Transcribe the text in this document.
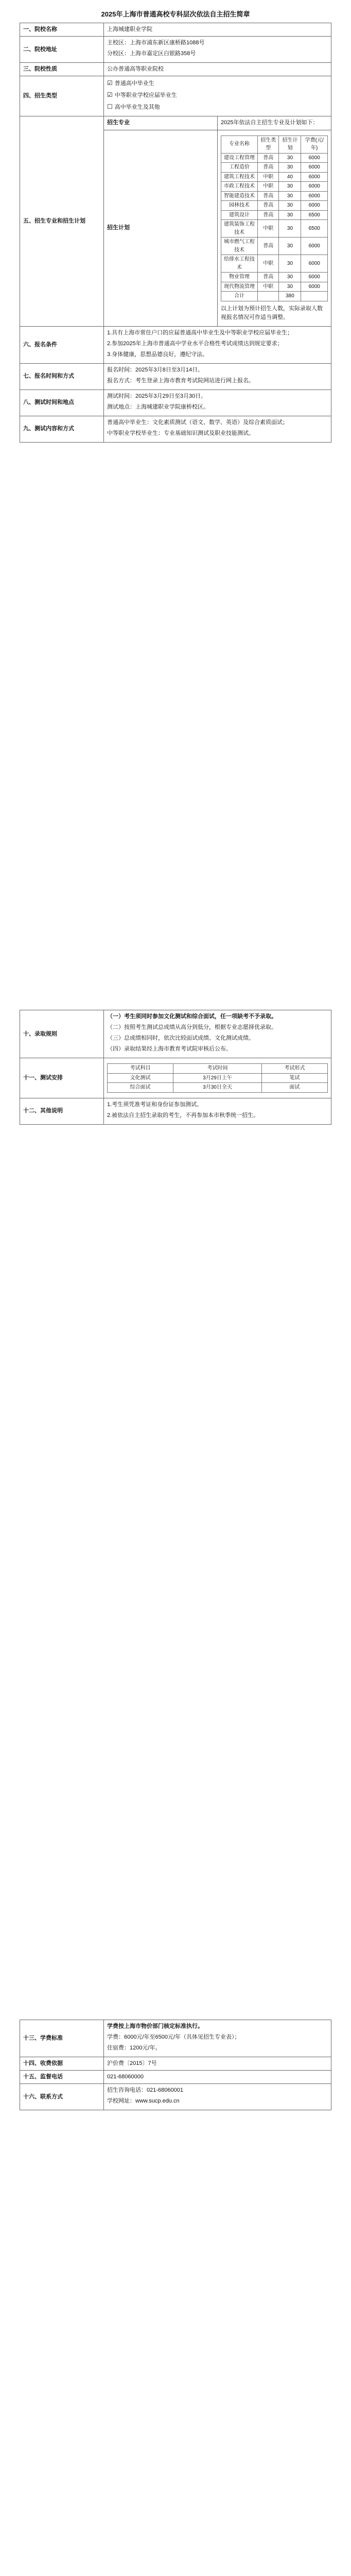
2025年上海市普通高校专科层次依法自主招生简章
一、院校名称	上海城建职业学院
二、院校地址	
主校区：上海市浦东新区康桥路1088号
分校区：上海市嘉定区白银路358号

三、院校性质	公办普通高等职业院校
四、招生类型	
☑ 普通高中毕业生
☑ 中等职业学校应届毕业生
☐ 高中毕业生及其他

五、招生专业和招生计划	招生专业	2025年依法自主招生专业及计划如下：
招生计划	
专业名称	招生类型	招生计划	学费(元/年)
建设工程管理	普高	30	6000
工程造价	普高	30	6000
建筑工程技术	中职	40	6000
市政工程技术	中职	30	6000
智能建造技术	普高	30	6000
园林技术	普高	30	6000
建筑设计	普高	30	6500
建筑装饰工程技术	中职	30	6500
城市燃气工程技术	普高	30	6000
给排水工程技术	中职	30	6000
物业管理	普高	30	6000
现代物流管理	中职	30	6000
合计		380	
以上计划为预计招生人数，实际录取人数视报名情况可作适当调整。

六、报名条件	
1.具有上海市常住户口的应届普通高中毕业生及中等职业学校应届毕业生；
2.参加2025年上海市普通高中学业水平合格性考试成绩达到规定要求；
3.身体健康，思想品德良好，遵纪守法。

七、报名时间和方式	
报名时间：2025年3月8日至3月14日。
报名方式：考生登录上海市教育考试院网站进行网上报名。

八、测试时间和地点	
测试时间：2025年3月29日至3月30日。
测试地点：上海城建职业学院康桥校区。

九、测试内容和方式	
普通高中毕业生：文化素质测试（语文、数学、英语）及综合素质面试；
中等职业学校毕业生：专业基础知识测试及职业技能测试。
十、录取规则	
（一）考生须同时参加文化测试和综合面试，任一项缺考不予录取。
（二）按照考生测试总成绩从高分到低分，根据专业志愿择优录取。
（三）总成绩相同时，依次比较面试成绩、文化测试成绩。
（四）录取结果经上海市教育考试院审核后公布。

十一、测试安排	
考试科目	考试时间	考试形式
文化测试	3月29日上午	笔试
综合面试	3月30日全天	面试

十二、其他说明	
1.考生须凭准考证和身份证参加测试。
2.被依法自主招生录取的考生，不再参加本市秋季统一招生。
十三、学费标准	学费按上海市物价部门核定标准执行。
学费：6000元/年至6500元/年（具体见招生专业表）；
住宿费：1200元/年。

十四、收费依据	沪价费〔2015〕7号
十五、监督电话	021-68060000
十六、联系方式	招生咨询电话：021-68060001
学校网址：www.sucp.edu.cn
